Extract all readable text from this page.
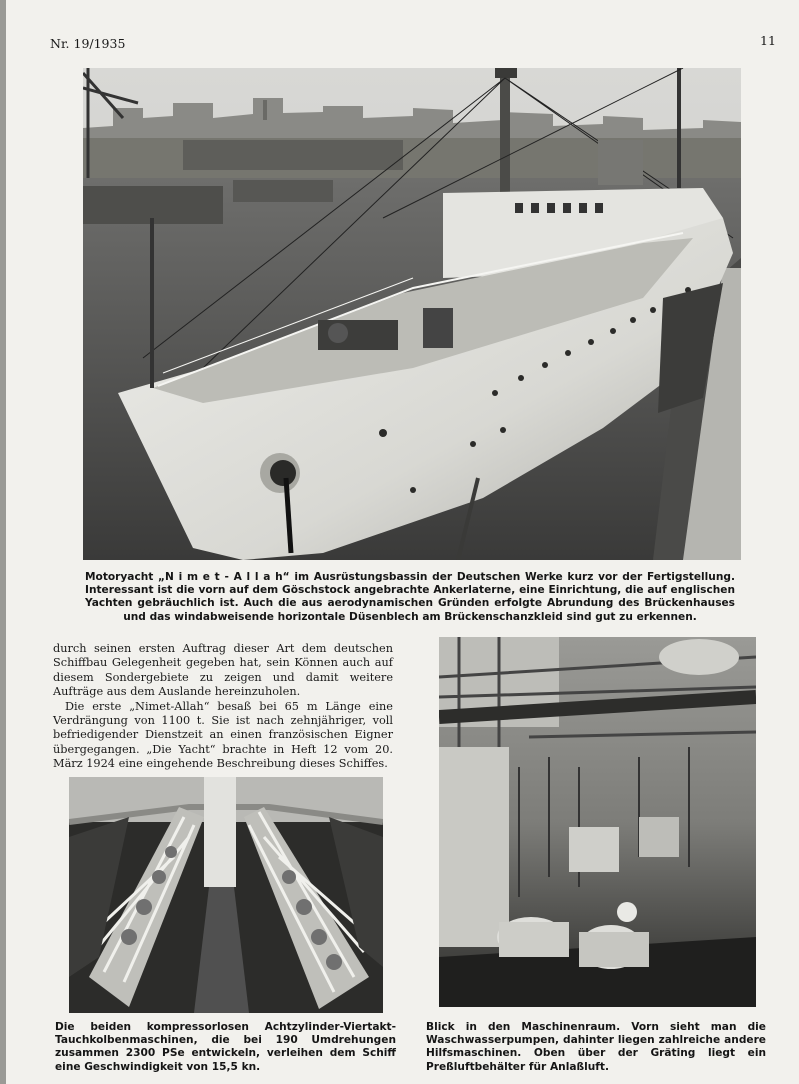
Nr. 19/1935	11
Motoryacht „N i m e t - A l l a h“ im Ausrüstungsbassin der Deutschen Werke kurz vor der Fertigstellung. Interessant ist die vorn auf dem Göschstock angebrachte Ankerlaterne, eine Einrichtung, die auf englischen Yachten gebräuchlich ist. Auch die aus aerodynamischen Gründen erfolgte Abrundung des Brückenhauses und das windabweisende horizontale Düsenblech am Brückenschanzkleid sind gut zu erkennen.

durch seinen ersten Auftrag dieser Art dem deutschen Schiffbau Gelegenheit gegeben hat, sein Können auch auf diesem Sondergebiete zu zeigen und damit weitere Aufträge aus dem Auslande hereinzuholen.

Die erste „Nimet-Allah“ besaß bei 65 m Länge eine Verdrängung von 1100 t. Sie ist nach zehnjähriger, voll befriedigender Dienstzeit an einen französischen Eigner übergegangen. „Die Yacht“ brachte in Heft 12 vom 20. März 1924 eine eingehende Beschreibung dieses Schiffes.

Die beiden kompressorlosen Achtzylinder-Viertakt-Tauchkolbenmaschinen, die bei 190 Umdrehungen zusammen 2300 PSe entwickeln, verleihen dem Schiff eine Geschwindigkeit von 15,5 kn.
Blick in den Maschinenraum. Vorn sieht man die Waschwasserpumpen, dahinter liegen zahlreiche andere Hilfsmaschinen. Oben über der Gräting liegt ein Preßluftbehälter für Anlaßluft.
